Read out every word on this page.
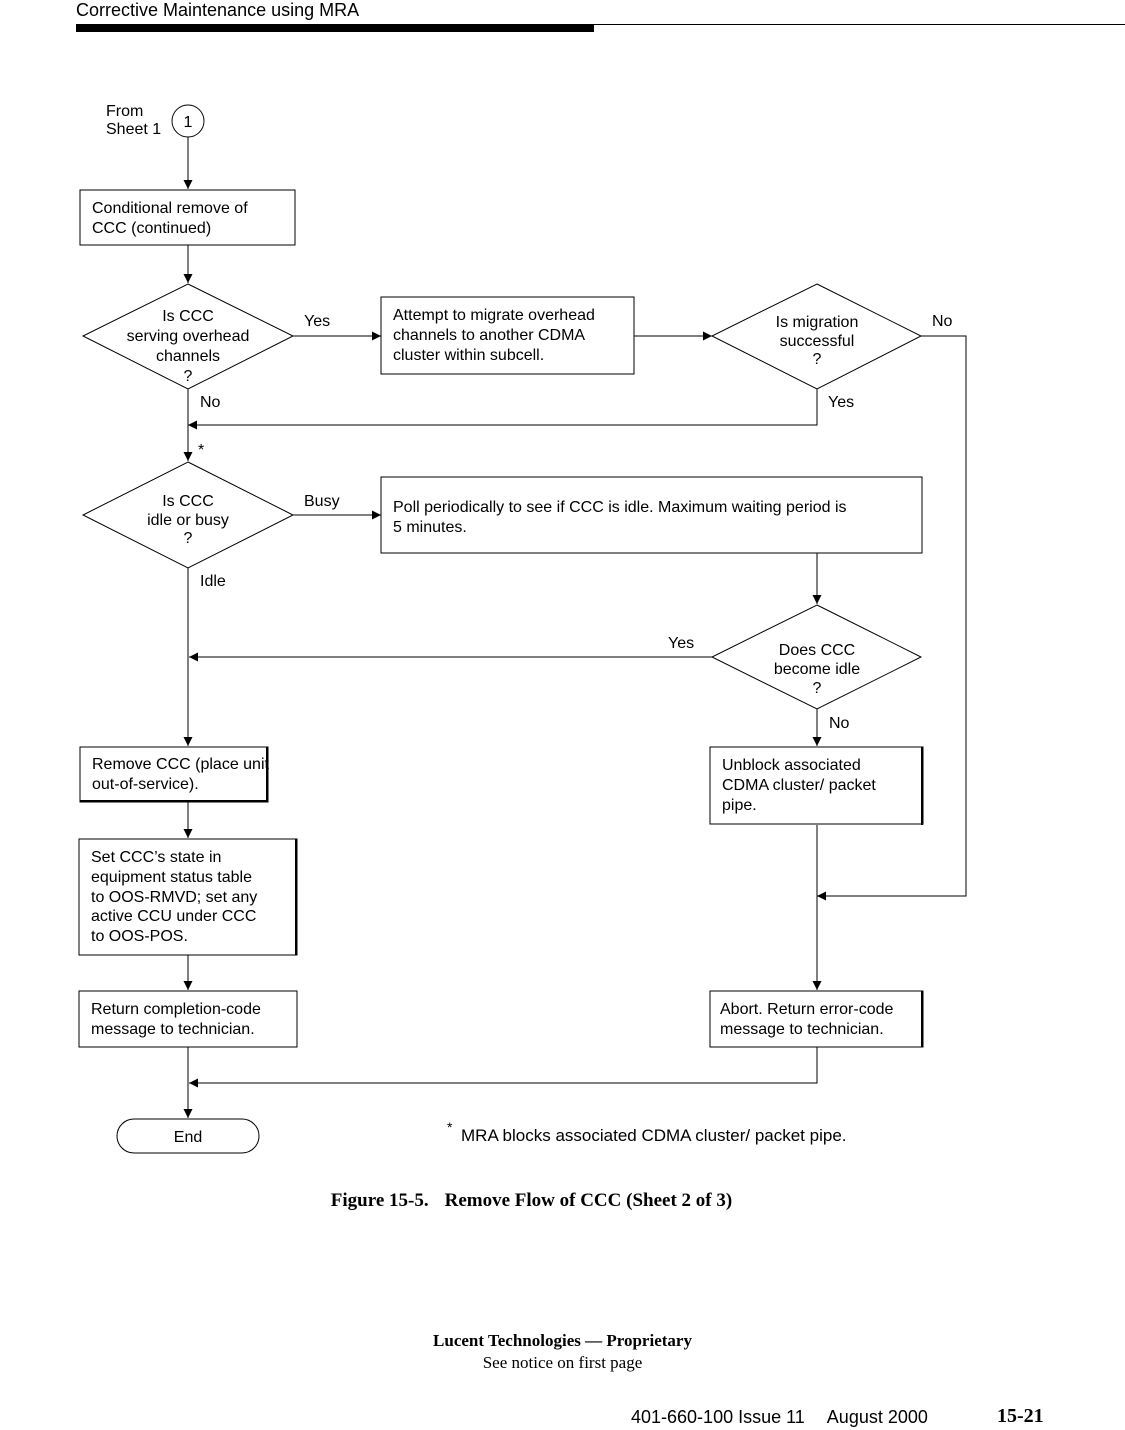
Corrective Maintenance using MRA
From
Sheet 1 1
Conditional remove of
CCC (continued)
Is CCC
serving overhead
channels
?
Yes
No
Attempt to migrate overhead
channels to another CDMA
cluster within subcell.
Is migration
successful
?
No
Yes
*
Is CCC
idle or busy
?
Busy
Idle
Poll periodically to see if CCC is idle. Maximum waiting period is
5 minutes.
Does CCC
become idle
?
Yes
No
Remove CCC (place unit
out-of-service).
Unblock associated
CDMA cluster/ packet
pipe.
Set CCC’s state in
equipment status table
to OOS-RMVD; set any
active CCU under CCC
to OOS-POS.
Return completion-code
message to technician.
Abort. Return error-code
message to technician.
End
* MRA blocks associated CDMA cluster/ packet pipe.
Figure 15-5. Remove Flow of CCC (Sheet 2 of 3)
Lucent Technologies — Proprietary
See notice on first page
401-660-100 Issue 11 August 2000	15-21
